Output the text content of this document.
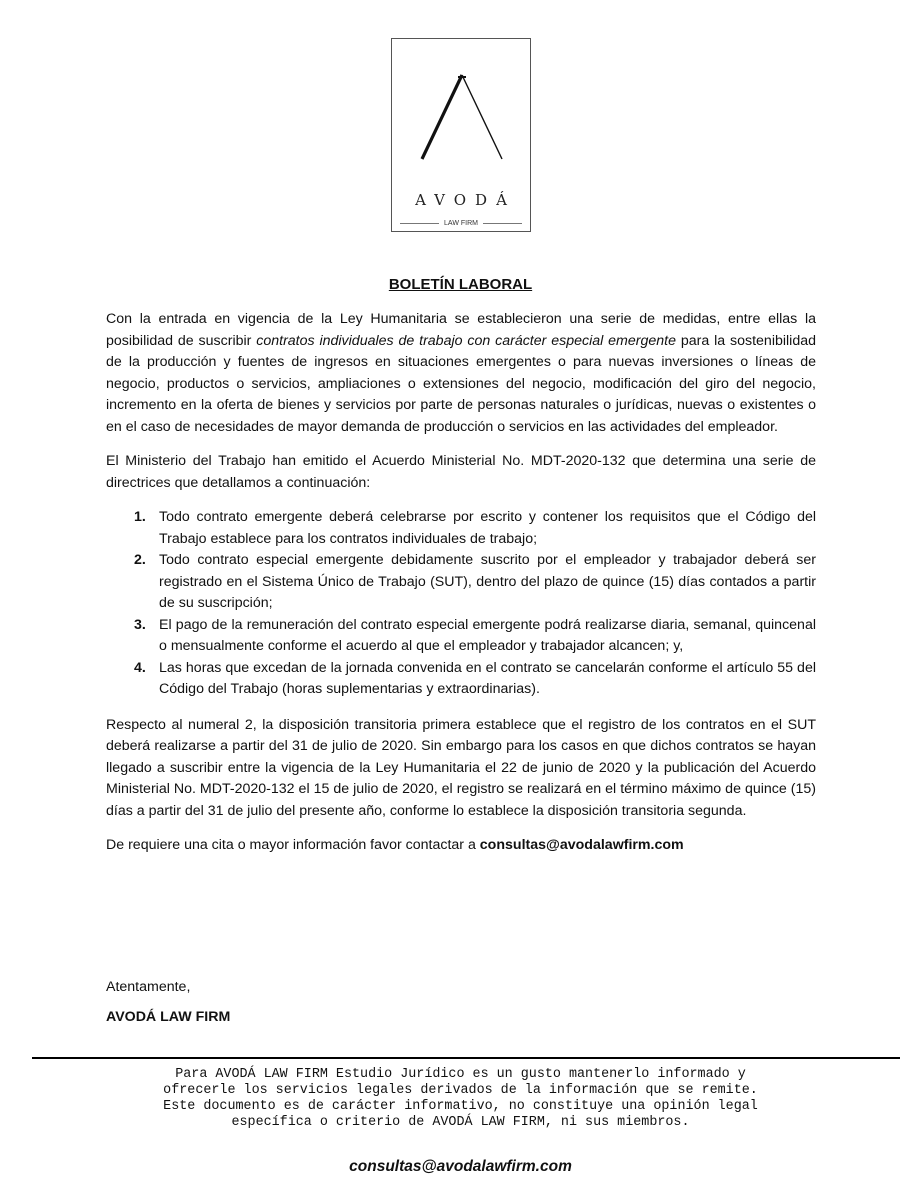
AVODÁ
LAW FIRM
BOLETÍN LABORAL

Con la entrada en vigencia de la Ley Humanitaria se establecieron una serie de medidas, entre ellas la posibilidad de suscribir contratos individuales de trabajo con carácter especial emergente para la sostenibilidad de la producción y fuentes de ingresos en situaciones emergentes o para nuevas inversiones o líneas de negocio, productos o servicios, ampliaciones o extensiones del negocio, modificación del giro del negocio, incremento en la oferta de bienes y servicios por parte de personas naturales o jurídicas, nuevas o existentes o en el caso de necesidades de mayor demanda de producción o servicios en las actividades del empleador.

El Ministerio del Trabajo han emitido el Acuerdo Ministerial No. MDT-2020-132 que determina una serie de directrices que detallamos a continuación:

1. Todo contrato emergente deberá celebrarse por escrito y contener los requisitos que el Código del Trabajo establece para los contratos individuales de trabajo;
2. Todo contrato especial emergente debidamente suscrito por el empleador y trabajador deberá ser registrado en el Sistema Único de Trabajo (SUT), dentro del plazo de quince (15) días contados a partir de su suscripción;
3. El pago de la remuneración del contrato especial emergente podrá realizarse diaria, semanal, quincenal o mensualmente conforme el acuerdo al que el empleador y trabajador alcancen; y,
4. Las horas que excedan de la jornada convenida en el contrato se cancelarán conforme el artículo 55 del Código del Trabajo (horas suplementarias y extraordinarias).

Respecto al numeral 2, la disposición transitoria primera establece que el registro de los contratos en el SUT deberá realizarse a partir del 31 de julio de 2020. Sin embargo para los casos en que dichos contratos se hayan llegado a suscribir entre la vigencia de la Ley Humanitaria el 22 de junio de 2020 y la publicación del Acuerdo Ministerial No. MDT-2020-132 el 15 de julio de 2020, el registro se realizará en el término máximo de quince (15) días a partir del 31 de julio del presente año, conforme lo establece la disposición transitoria segunda.

De requiere una cita o mayor información favor contactar a consultas@avodalawfirm.com

Atentamente,
AVODÁ LAW FIRM
Para AVODÁ LAW FIRM Estudio Jurídico es un gusto mantenerlo informado y
ofrecerle los servicios legales derivados de la información que se remite.
Este documento es de carácter informativo, no constituye una opinión legal
específica o criterio de AVODÁ LAW FIRM, ni sus miembros.
consultas@avodalawfirm.com
